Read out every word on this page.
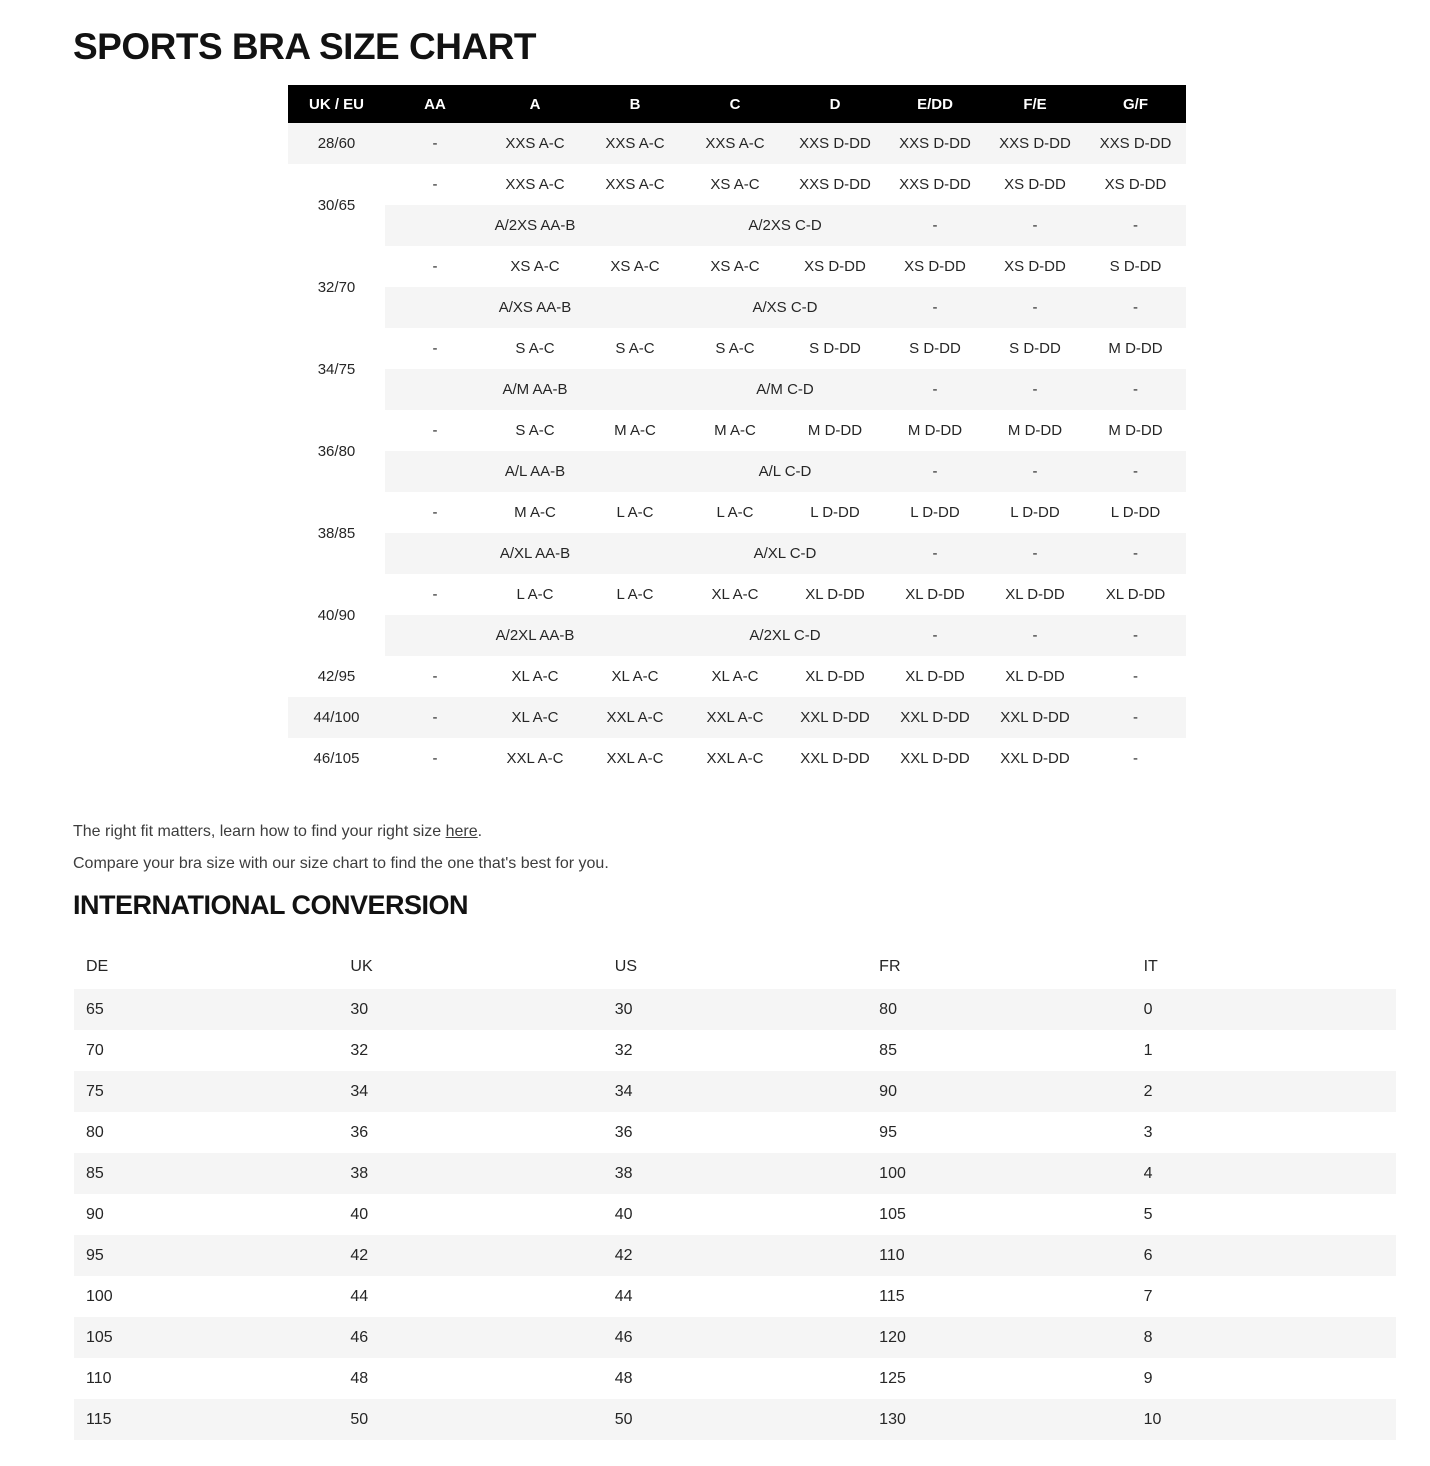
SPORTS BRA SIZE CHART
UK / EU	AA	A	B	C	D	E/DD	F/E	G/F
28/60	-	XXS A-C	XXS A-C	XXS A-C	XXS D-DD	XXS D-DD	XXS D-DD	XXS D-DD
30/65	-	XXS A-C	XXS A-C	XS A-C	XXS D-DD	XXS D-DD	XS D-DD	XS D-DD
	A/2XS AA-B			A/2XS C-D		-	-	-
32/70	-	XS A-C	XS A-C	XS A-C	XS D-DD	XS D-DD	XS D-DD	S D-DD
	A/XS AA-B			A/XS C-D		-	-	-
34/75	-	S A-C	S A-C	S A-C	S D-DD	S D-DD	S D-DD	M D-DD
	A/M AA-B			A/M C-D		-	-	-
36/80	-	S A-C	M A-C	M A-C	M D-DD	M D-DD	M D-DD	M D-DD
	A/L AA-B			A/L C-D		-	-	-
38/85	-	M A-C	L A-C	L A-C	L D-DD	L D-DD	L D-DD	L D-DD
	A/XL AA-B			A/XL C-D		-	-	-
40/90	-	L A-C	L A-C	XL A-C	XL D-DD	XL D-DD	XL D-DD	XL D-DD
	A/2XL AA-B			A/2XL C-D		-	-	-
42/95	-	XL A-C	XL A-C	XL A-C	XL D-DD	XL D-DD	XL D-DD	-
44/100	-	XL A-C	XXL A-C	XXL A-C	XXL D-DD	XXL D-DD	XXL D-DD	-
46/105	-	XXL A-C	XXL A-C	XXL A-C	XXL D-DD	XXL D-DD	XXL D-DD	-

The right fit matters, learn how to find your right size here.

Compare your bra size with our size chart to find the one that's best for you.

INTERNATIONAL CONVERSION
DE	UK	US	FR	IT
65	30	30	80	0
70	32	32	85	1
75	34	34	90	2
80	36	36	95	3
85	38	38	100	4
90	40	40	105	5
95	42	42	110	6
100	44	44	115	7
105	46	46	120	8
110	48	48	125	9
115	50	50	130	10
